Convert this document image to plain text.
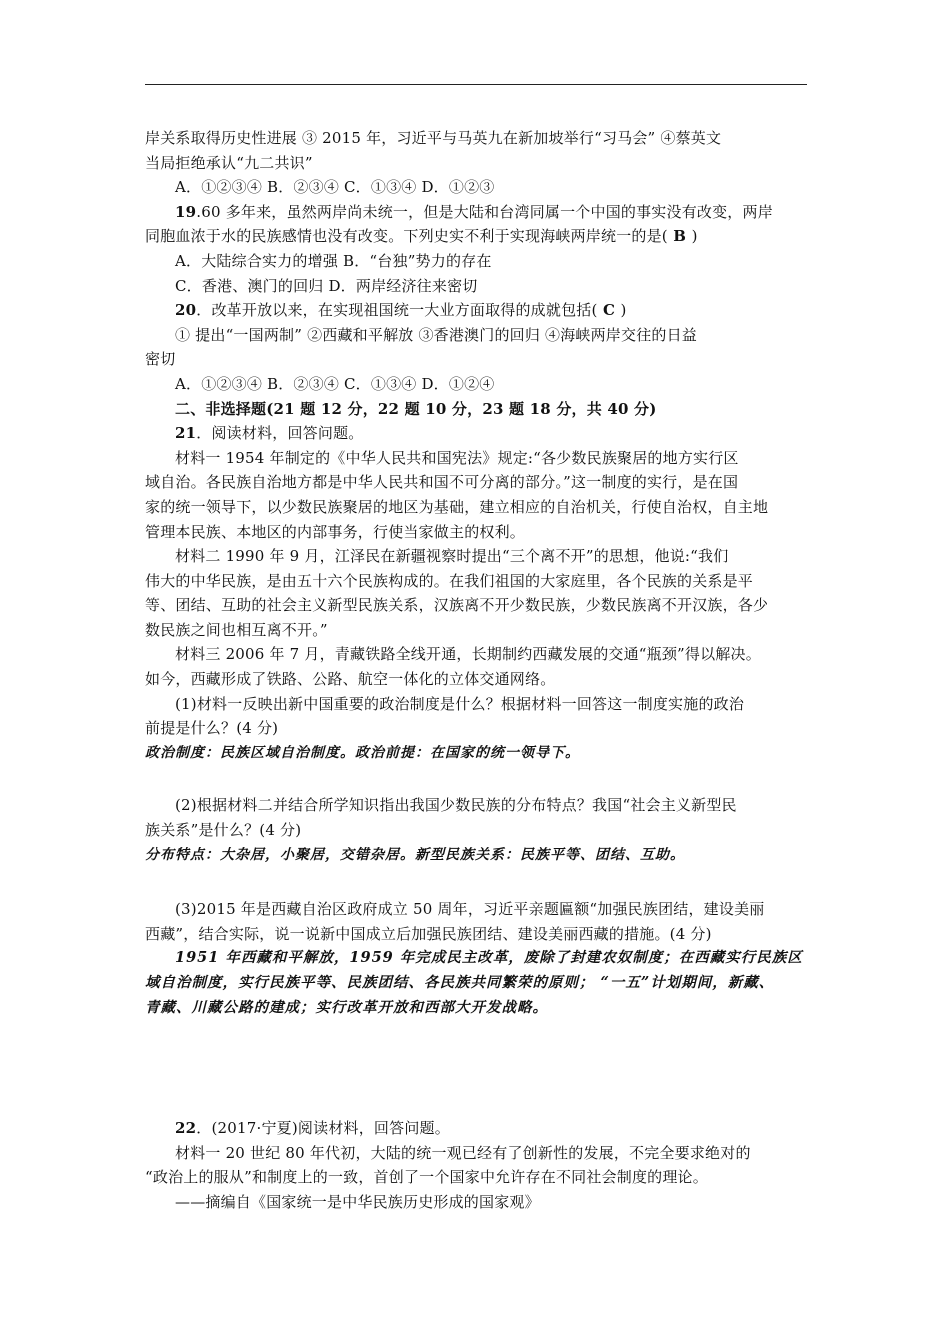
岸关系取得历史性进展 ③ 2015 年，习近平与马英九在新加坡举行“习马会” ④蔡英文
当局拒绝承认“九二共识”
A．①②③④ B．②③④ C．①③④ D．①②③
19.60 多年来，虽然两岸尚未统一，但是大陆和台湾同属一个中国的事实没有改变，两岸
同胞血浓于水的民族感情也没有改变。下列史实不利于实现海峡两岸统一的是( B )
A．大陆综合实力的增强 B．“台独”势力的存在
C．香港、澳门的回归 D．两岸经济往来密切
20．改革开放以来，在实现祖国统一大业方面取得的成就包括( C )
① 提出“一国两制” ②西藏和平解放 ③香港澳门的回归 ④海峡两岸交往的日益
密切
A．①②③④ B．②③④ C．①③④ D．①②④
二、非选择题(21 题 12 分，22 题 10 分，23 题 18 分，共 40 分)
21．阅读材料，回答问题。
材料一 1954 年制定的《中华人民共和国宪法》规定:“各少数民族聚居的地方实行区
域自治。各民族自治地方都是中华人民共和国不可分离的部分。”这一制度的实行，是在国
家的统一领导下，以少数民族聚居的地区为基础，建立相应的自治机关，行使自治权，自主地
管理本民族、本地区的内部事务，行使当家做主的权利。
材料二 1990 年 9 月，江泽民在新疆视察时提出“三个离不开”的思想，他说:“我们
伟大的中华民族，是由五十六个民族构成的。在我们祖国的大家庭里，各个民族的关系是平
等、团结、互助的社会主义新型民族关系，汉族离不开少数民族，少数民族离不开汉族，各少
数民族之间也相互离不开。”
材料三 2006 年 7 月，青藏铁路全线开通，长期制约西藏发展的交通“瓶颈”得以解决。
如今，西藏形成了铁路、公路、航空一体化的立体交通网络。
(1)材料一反映出新中国重要的政治制度是什么？根据材料一回答这一制度实施的政治
前提是什么？(4 分)
政治制度：民族区域自治制度。政治前提：在国家的统一领导下。
(2)根据材料二并结合所学知识指出我国少数民族的分布特点？我国“社会主义新型民
族关系”是什么？(4 分)
分布特点：大杂居，小聚居，交错杂居。新型民族关系：民族平等、团结、互助。
(3)2015 年是西藏自治区政府成立 50 周年，习近平亲题匾额“加强民族团结，建设美丽
西藏”，结合实际，说一说新中国成立后加强民族团结、建设美丽西藏的措施。(4 分)
1951 年西藏和平解放，1959 年完成民主改革，废除了封建农奴制度；在西藏实行民族区
域自治制度，实行民族平等、民族团结、各民族共同繁荣的原则； “一五”计划期间，新藏、
青藏、川藏公路的建成；实行改革开放和西部大开发战略。
22．(2017·宁夏)阅读材料，回答问题。
材料一 20 世纪 80 年代初，大陆的统一观已经有了创新性的发展，不完全要求绝对的
“政治上的服从”和制度上的一致，首创了一个国家中允许存在不同社会制度的理论。
——摘编自《国家统一是中华民族历史形成的国家观》
